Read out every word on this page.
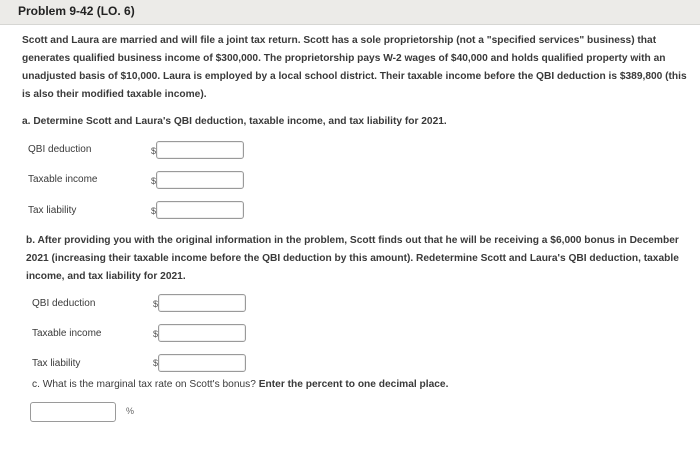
Problem 9-42 (LO. 6)
Scott and Laura are married and will file a joint tax return. Scott has a sole proprietorship (not a "specified services" business) that generates qualified business income of $300,000. The proprietorship pays W-2 wages of $40,000 and holds qualified property with an unadjusted basis of $10,000. Laura is employed by a local school district. Their taxable income before the QBI deduction is $389,800 (this is also their modified taxable income).
a. Determine Scott and Laura's QBI deduction, taxable income, and tax liability for 2021.
QBI deduction	$
Taxable income	$
Tax liability	$
b. After providing you with the original information in the problem, Scott finds out that he will be receiving a $6,000 bonus in December 2021 (increasing their taxable income before the QBI deduction by this amount). Redetermine Scott and Laura's QBI deduction, taxable income, and tax liability for 2021.
QBI deduction	$
Taxable income	$
Tax liability	$
c. What is the marginal tax rate on Scott's bonus? Enter the percent to one decimal place.
%
